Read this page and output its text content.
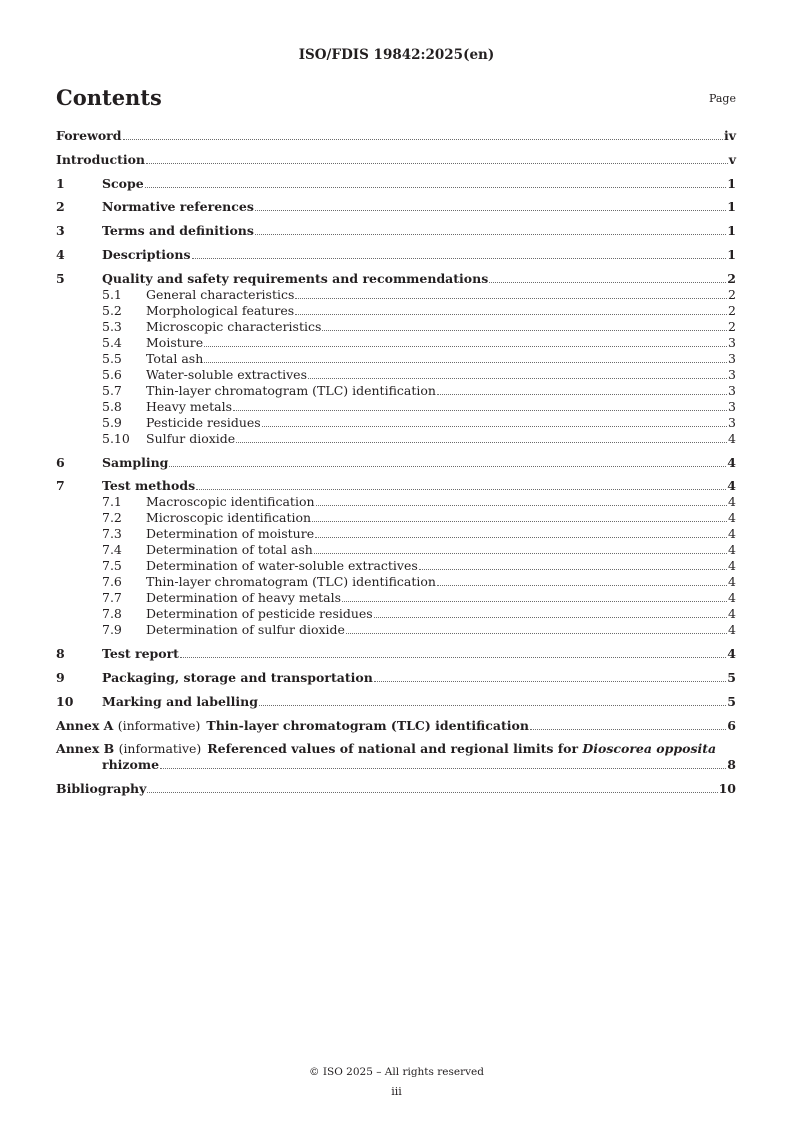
ISO/FDIS 19842:2025(en)
Contents	Page
Foreword	iv
Introduction	v
1	Scope	1
2	Normative references	1
3	Terms and definitions	1
4	Descriptions	1
5	Quality and safety requirements and recommendations	2
5.1	General characteristics	2
5.2	Morphological features	2
5.3	Microscopic characteristics	2
5.4	Moisture	3
5.5	Total ash	3
5.6	Water-soluble extractives	3
5.7	Thin-layer chromatogram (TLC) identification	3
5.8	Heavy metals	3
5.9	Pesticide residues	3
5.10	Sulfur dioxide	4
6	Sampling	4
7	Test methods	4
7.1	Macroscopic identification	4
7.2	Microscopic identification	4
7.3	Determination of moisture	4
7.4	Determination of total ash	4
7.5	Determination of water-soluble extractives	4
7.6	Thin-layer chromatogram (TLC) identification	4
7.7	Determination of heavy metals	4
7.8	Determination of pesticide residues	4
7.9	Determination of sulfur dioxide	4
8	Test report	4
9	Packaging, storage and transportation	5
10	Marking and labelling	5
Annex A (informative) Thin-layer chromatogram (TLC) identification	6
Annex B (informative) Referenced values of national and regional limits for Dioscorea opposita
rhizome	8
Bibliography	10
© ISO 2025 – All rights reserved
iii
